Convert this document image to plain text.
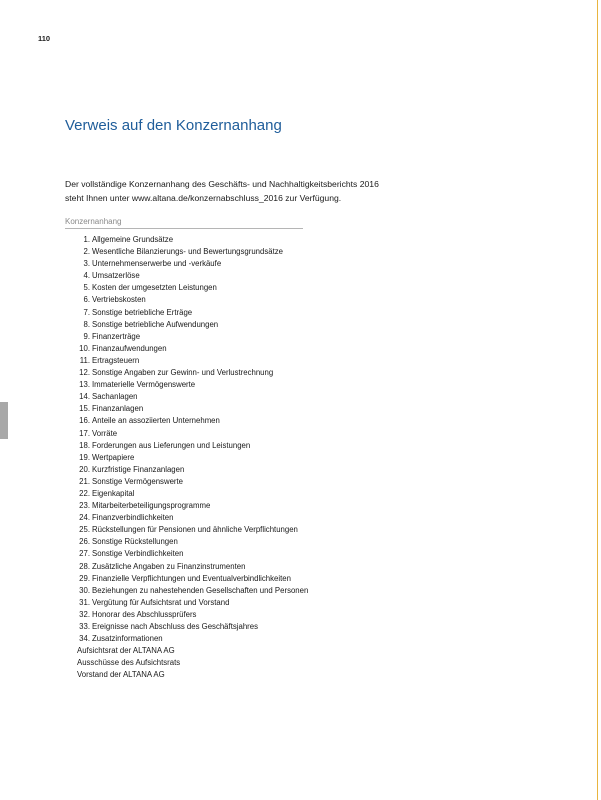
110
Verweis auf den Konzernanhang
Der vollständige Konzernanhang des Geschäfts- und Nachhaltigkeitsberichts 2016
steht Ihnen unter www.altana.de/konzernabschluss_2016 zur Verfügung.
Konzernanhang
1. Allgemeine Grundsätze
2. Wesentliche Bilanzierungs- und Bewertungsgrundsätze
3. Unternehmenserwerbe und -verkäufe
4. Umsatzerlöse
5. Kosten der umgesetzten Leistungen
6. Vertriebskosten
7. Sonstige betriebliche Erträge
8. Sonstige betriebliche Aufwendungen
9. Finanzerträge
10. Finanzaufwendungen
11. Ertragsteuern
12. Sonstige Angaben zur Gewinn- und Verlustrechnung
13. Immaterielle Vermögenswerte
14. Sachanlagen
15. Finanzanlagen
16. Anteile an assoziierten Unternehmen
17. Vorräte
18. Forderungen aus Lieferungen und Leistungen
19. Wertpapiere
20. Kurzfristige Finanzanlagen
21. Sonstige Vermögenswerte
22. Eigenkapital
23. Mitarbeiterbeteiligungsprogramme
24. Finanzverbindlichkeiten
25. Rückstellungen für Pensionen und ähnliche Verpflichtungen
26. Sonstige Rückstellungen
27. Sonstige Verbindlichkeiten
28. Zusätzliche Angaben zu Finanzinstrumenten
29. Finanzielle Verpflichtungen und Eventualverbindlichkeiten
30. Beziehungen zu nahestehenden Gesellschaften und Personen
31. Vergütung für Aufsichtsrat und Vorstand
32. Honorar des Abschlussprüfers
33. Ereignisse nach Abschluss des Geschäftsjahres
34. Zusatzinformationen
Aufsichtsrat der ALTANA AG
Ausschüsse des Aufsichtsrats
Vorstand der ALTANA AG
